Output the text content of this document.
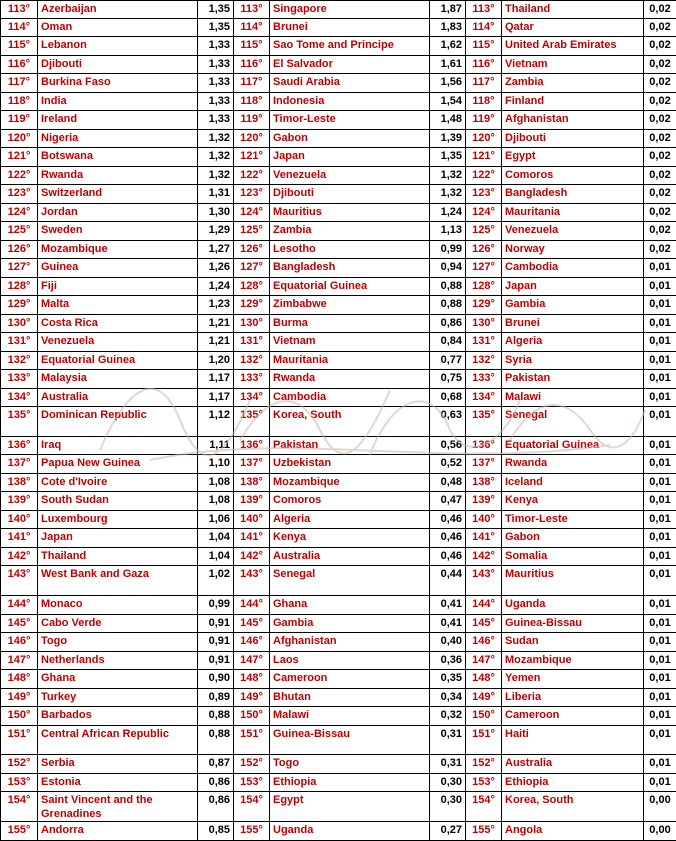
113°	Azerbaijan	1,35	113°	Singapore	1,87	113°	Thailand	0,02
114°	Oman	1,35	114°	Brunei	1,83	114°	Qatar	0,02
115°	Lebanon	1,33	115°	Sao Tome and Principe	1,62	115°	United Arab Emirates	0,02
116°	Djibouti	1,33	116°	El Salvador	1,61	116°	Vietnam	0,02
117°	Burkina Faso	1,33	117°	Saudi Arabia	1,56	117°	Zambia	0,02
118°	India	1,33	118°	Indonesia	1,54	118°	Finland	0,02
119°	Ireland	1,33	119°	Timor-Leste	1,48	119°	Afghanistan	0,02
120°	Nigeria	1,32	120°	Gabon	1,39	120°	Djibouti	0,02
121°	Botswana	1,32	121°	Japan	1,35	121°	Egypt	0,02
122°	Rwanda	1,32	122°	Venezuela	1,32	122°	Comoros	0,02
123°	Switzerland	1,31	123°	Djibouti	1,32	123°	Bangladesh	0,02
124°	Jordan	1,30	124°	Mauritius	1,24	124°	Mauritania	0,02
125°	Sweden	1,29	125°	Zambia	1,13	125°	Venezuela	0,02
126°	Mozambique	1,27	126°	Lesotho	0,99	126°	Norway	0,02
127°	Guinea	1,26	127°	Bangladesh	0,94	127°	Cambodia	0,01
128°	Fiji	1,24	128°	Equatorial Guinea	0,88	128°	Japan	0,01
129°	Malta	1,23	129°	Zimbabwe	0,88	129°	Gambia	0,01
130°	Costa Rica	1,21	130°	Burma	0,86	130°	Brunei	0,01
131°	Venezuela	1,21	131°	Vietnam	0,84	131°	Algeria	0,01
132°	Equatorial Guinea	1,20	132°	Mauritania	0,77	132°	Syria	0,01
133°	Malaysia	1,17	133°	Rwanda	0,75	133°	Pakistan	0,01
134°	Australia	1,17	134°	Cambodia	0,68	134°	Malawi	0,01
135°	Dominican Republic	1,12	135°	Korea, South	0,63	135°	Senegal	0,01
136°	Iraq	1,11	136°	Pakistan	0,56	136°	Equatorial Guinea	0,01
137°	Papua New Guinea	1,10	137°	Uzbekistan	0,52	137°	Rwanda	0,01
138°	Cote d'Ivoire	1,08	138°	Mozambique	0,48	138°	Iceland	0,01
139°	South Sudan	1,08	139°	Comoros	0,47	139°	Kenya	0,01
140°	Luxembourg	1,06	140°	Algeria	0,46	140°	Timor-Leste	0,01
141°	Japan	1,04	141°	Kenya	0,46	141°	Gabon	0,01
142°	Thailand	1,04	142°	Australia	0,46	142°	Somalia	0,01
143°	West Bank and Gaza	1,02	143°	Senegal	0,44	143°	Mauritius	0,01
144°	Monaco	0,99	144°	Ghana	0,41	144°	Uganda	0,01
145°	Cabo Verde	0,91	145°	Gambia	0,41	145°	Guinea-Bissau	0,01
146°	Togo	0,91	146°	Afghanistan	0,40	146°	Sudan	0,01
147°	Netherlands	0,91	147°	Laos	0,36	147°	Mozambique	0,01
148°	Ghana	0,90	148°	Cameroon	0,35	148°	Yemen	0,01
149°	Turkey	0,89	149°	Bhutan	0,34	149°	Liberia	0,01
150°	Barbados	0,88	150°	Malawi	0,32	150°	Cameroon	0,01
151°	Central African Republic	0,88	151°	Guinea-Bissau	0,31	151°	Haiti	0,01
152°	Serbia	0,87	152°	Togo	0,31	152°	Australia	0,01
153°	Estonia	0,86	153°	Ethiopia	0,30	153°	Ethiopia	0,01
154°	Saint Vincent and the Grenadines	0,86	154°	Egypt	0,30	154°	Korea, South	0,00
155°	Andorra	0,85	155°	Uganda	0,27	155°	Angola	0,00
